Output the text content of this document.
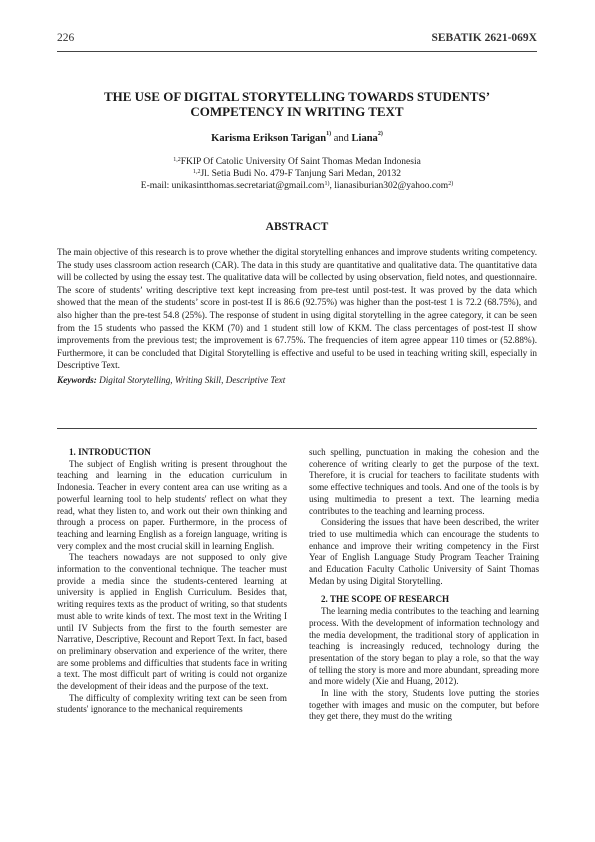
226	SEBATIK 2621-069X
THE USE OF DIGITAL STORYTELLING TOWARDS STUDENTS’
COMPETENCY IN WRITING TEXT
Karisma Erikson Tarigan$^{1)}$ and Liana$^{2)}$
$^{1,2}$FKIP Of Catolic University Of Saint Thomas Medan Indonesia
$^{1,2}$Jl. Setia Budi No. 479-F Tanjung Sari Medan, 20132
E-mail: unikasintthomas.secretariat@gmail.com$^{1)}$, lianasiburian302@yahoo.com$^{2)}$
ABSTRACT

The main objective of this research is to prove whether the digital storytelling enhances and improve students writing competency. The study uses classroom action research (CAR). The data in this study are quantitative and qualitative data. The quantitative data will be collected by using the essay test. The qualitative data will be collected by using observation, field notes, and questionnaire. The score of students’ writing descriptive text kept increasing from pre-test until post-test. It was proved by the data which showed that the mean of the students’ score in post-test II is 86.6 (92.75%) was higher than the post-test 1 is 72.2 (68.75%), and also higher than the pre-test 54.8 (25%). The response of student in using digital storytelling in the agree category, it can be seen from the 15 students who passed the KKM (70) and 1 student still low of KKM. The class percentages of post-test II show improvements from the previous test; the improvement is 67.75%. The frequencies of item agree appear 110 times or (52.88%). Furthermore, it can be concluded that Digital Storytelling is effective and useful to be used in teaching writing skill, especially in Descriptive Text.

Keywords: Digital Storytelling, Writing Skill, Descriptive Text

1. INTRODUCTION

The subject of English writing is present throughout the teaching and learning in the education curriculum in Indonesia. Teacher in every content area can use writing as a powerful learning tool to help students' reflect on what they read, what they listen to, and work out their own thinking and through a process on paper. Furthermore, in the process of teaching and learning English as a foreign language, writing is very complex and the most crucial skill in learning English.

The teachers nowadays are not supposed to only give information to the conventional technique. The teacher must provide a media since the students-centered learning at university is applied in English Curriculum. Besides that, writing requires texts as the product of writing, so that students must able to write kinds of text. The most text in the Writing I until IV Subjects from the first to the fourth semester are Narrative, Descriptive, Recount and Report Text. In fact, based on preliminary observation and experience of the writer, there are some problems and difficulties that students face in writing a text. The most difficult part of writing is could not organize the development of their ideas and the purpose of the text.

The difficulty of complexity writing text can be seen from students' ignorance to the mechanical requirements

such spelling, punctuation in making the cohesion and the coherence of writing clearly to get the purpose of the text. Therefore, it is crucial for teachers to facilitate students with some effective techniques and tools. And one of the tools is by using multimedia to present a text. The learning media contributes to the teaching and learning process.

Considering the issues that have been described, the writer tried to use multimedia which can encourage the students to enhance and improve their writing competency in the First Year of English Language Study Program Teacher Training and Education Faculty Catholic University of Saint Thomas Medan by using Digital Storytelling.

2. THE SCOPE OF RESEARCH

The learning media contributes to the teaching and learning process. With the development of information technology and the media development, the traditional story of application in teaching is increasingly reduced, technology during the presentation of the story began to play a role, so that the way of telling the story is more and more abundant, spreading more and more widely (Xie and Huang, 2012).

In line with the story, Students love putting the stories together with images and music on the computer, but before they get there, they must do the writing
